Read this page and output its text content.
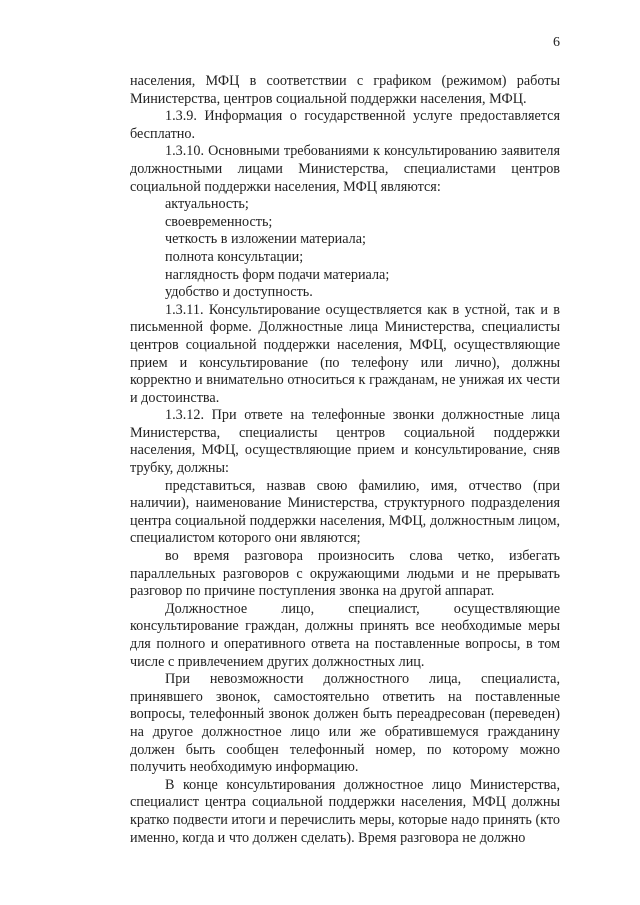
6

населения, МФЦ в соответствии с графиком (режимом) работы Министерства, центров социальной поддержки населения, МФЦ.

1.3.9. Информация о государственной услуге предоставляется бесплатно.

1.3.10. Основными требованиями к консультированию заявителя должностными лицами Министерства, специалистами центров социальной поддержки населения, МФЦ являются:

актуальность;

своевременность;

четкость в изложении материала;

полнота консультации;

наглядность форм подачи материала;

удобство и доступность.

1.3.11. Консультирование осуществляется как в устной, так и в письменной форме. Должностные лица Министерства, специалисты центров социальной поддержки населения, МФЦ, осуществляющие прием и консультирование (по телефону или лично), должны корректно и внимательно относиться к гражданам, не унижая их чести и достоинства.

1.3.12. При ответе на телефонные звонки должностные лица Министерства, специалисты центров социальной поддержки населения, МФЦ, осуществляющие прием и консультирование, сняв трубку, должны:

представиться, назвав свою фамилию, имя, отчество (при наличии), наименование Министерства, структурного подразделения центра социальной поддержки населения, МФЦ, должностным лицом, специалистом которого они являются;

во время разговора произносить слова четко, избегать параллельных разговоров с окружающими людьми и не прерывать разговор по причине поступления звонка на другой аппарат.

Должностное лицо, специалист, осуществляющие консультирование граждан, должны принять все необходимые меры для полного и оперативного ответа на поставленные вопросы, в том числе с привлечением других должностных лиц.

При невозможности должностного лица, специалиста, принявшего звонок, самостоятельно ответить на поставленные вопросы, телефонный звонок должен быть переадресован (переведен) на другое должностное лицо или же обратившемуся гражданину должен быть сообщен телефонный номер, по которому можно получить необходимую информацию.

В конце консультирования должностное лицо Министерства, специалист центра социальной поддержки населения, МФЦ должны кратко подвести итоги и перечислить меры, которые надо принять (кто именно, когда и что должен сделать). Время разговора не должно
